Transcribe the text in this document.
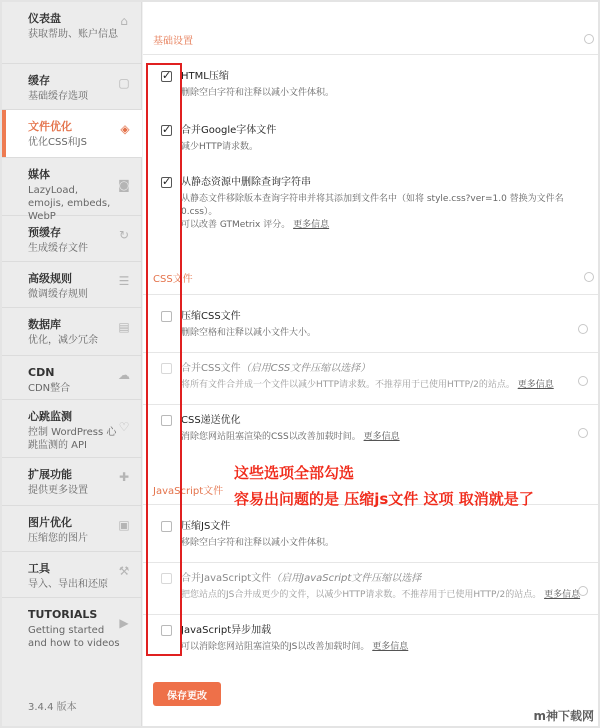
仪表盘
获取帮助、账户信息
⌂
缓存
基础缓存选项
▢
文件优化
优化CSS和JS
◈
媒体
LazyLoad, emojis, embeds, WebP
◙
预缓存
生成缓存文件
↻
高级规则
微调缓存规则
☰
数据库
优化，减少冗余
▤
CDN
CDN整合
☁
心跳监测
控制 WordPress 心跳监测的 API
♡
扩展功能
提供更多设置
✚
图片优化
压缩您的图片
▣
工具
导入、导出和还原
⚒
TUTORIALS
Getting started and how to videos
▶
3.4.4 版本
基础设置
✓
HTML压缩
删除空白字符和注释以减小文件体积。
✓
合并Google字体文件
减少HTTP请求数。
✓
从静态资源中删除查询字符串
从静态文件移除版本查询字符串并将其添加到文件名中（如将 style.css?ver=1.0 替换为文件名 0.css）。
可以改善 GTMetrix 评分。 更多信息
CSS文件
压缩CSS文件
删除空格和注释以减小文件大小。
合并CSS文件（启用CSS文件压缩以选择）
将所有文件合并成一个文件以减少HTTP请求数。不推荐用于已使用HTTP/2的站点。 更多信息
CSS递送优化
消除您网站阻塞渲染的CSS以改善加载时间。 更多信息
JavaScript文件
压缩JS文件
移除空白字符和注释以减小文件体积。
合并JavaScript文件（启用JavaScript文件压缩以选择
把您站点的JS合并成更少的文件，以减少HTTP请求数。不推荐用于已使用HTTP/2的站点。 更多信息
JavaScript异步加载
可以消除您网站阻塞渲染的JS以改善加载时间。 更多信息
保存更改
这些选项全部勾选
容易出问题的是 压缩js文件 这项 取消就是了
m神下载网
